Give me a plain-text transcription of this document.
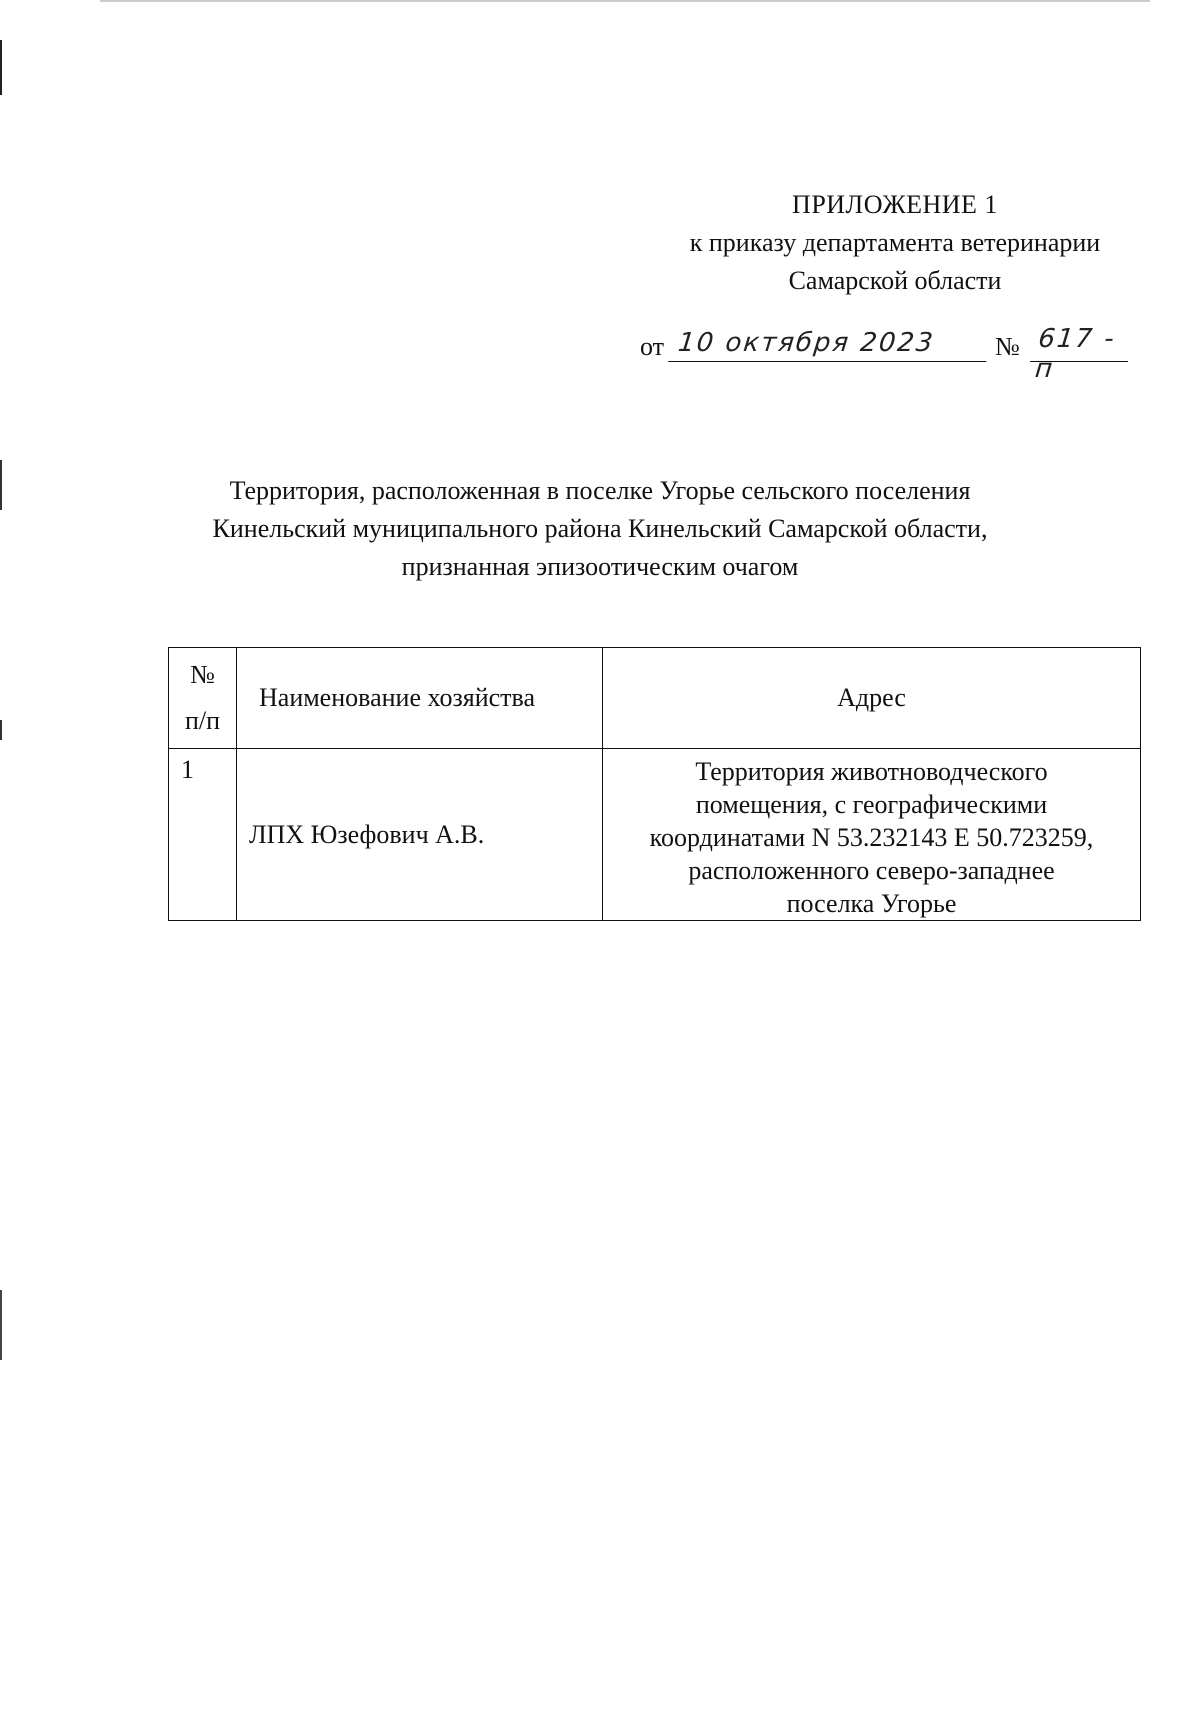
ПРИЛОЖЕНИЕ 1
к приказу департамента ветеринарии
Самарской области
от 10 октября 2023	№ 617 - п
Территория, расположенная в поселке Угорье сельского поселения
Кинельский муниципального района Кинельский Самарской области,
признанная эпизоотическим очагом
№
п/п	Наименование хозяйства	Адрес
1	ЛПХ Юзефович А.В.	Территория животноводческого
помещения, с географическими
координатами N 53.232143 E 50.723259,
расположенного северо-западнее
поселка Угорье
